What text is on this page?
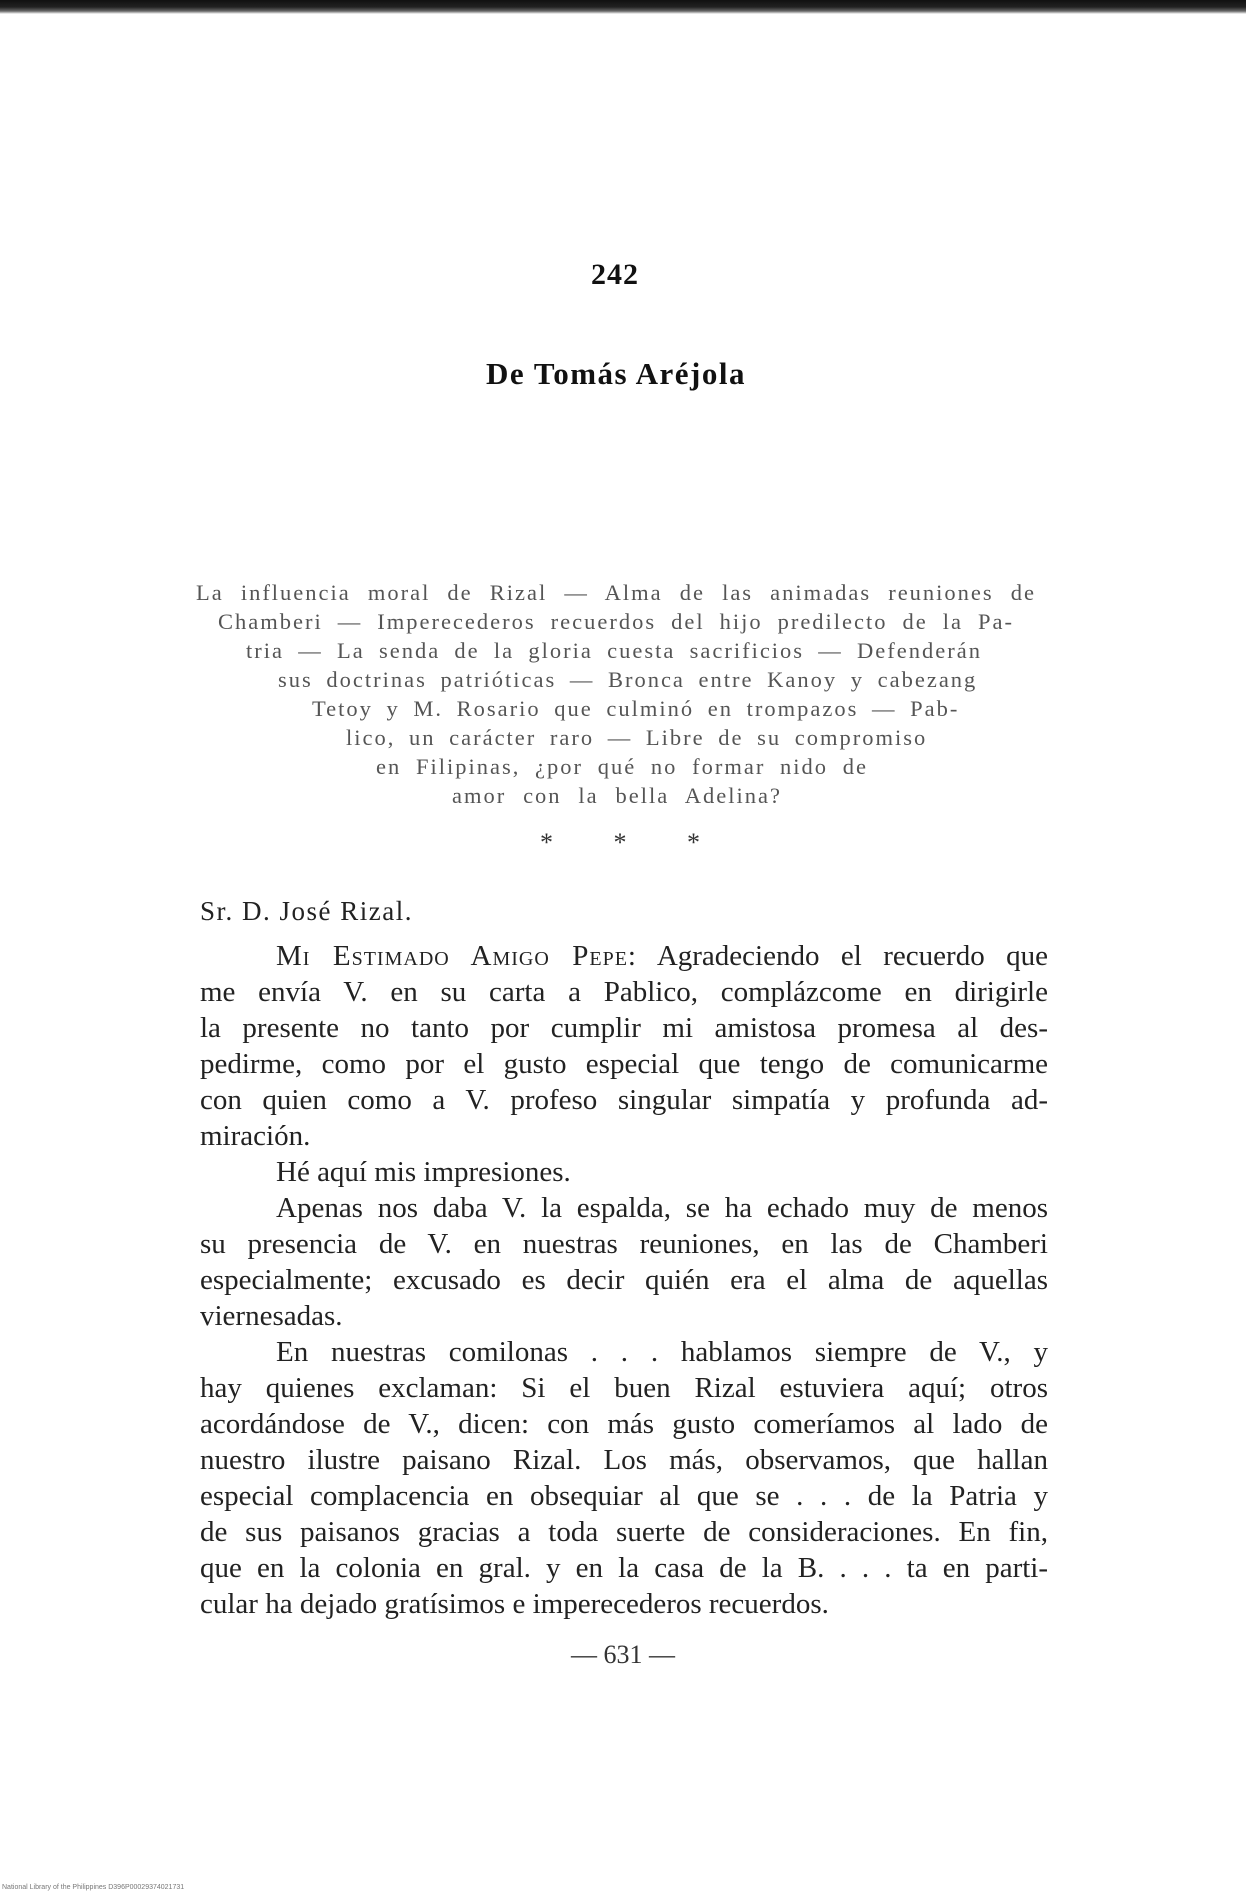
242
De Tomás Aréjola
La influencia moral de Rizal — Alma de las animadas reuniones de
Chamberi — Imperecederos recuerdos del hijo predilecto de la Pa-
tria — La senda de la gloria cuesta sacrificios — Defenderán
sus doctrinas patrióticas — Bronca entre Kanoy y cabezang
Tetoy y M. Rosario que culminó en trompazos — Pab-
lico, un carácter raro — Libre de su compromiso
en Filipinas, ¿por qué no formar nido de
amor con la bella Adelina?
* * *
Sr. D. José Rizal.

Mi Estimado Amigo Pepe: Agradeciendo el recuerdo que
me envía V. en su carta a Pablico, complázcome en dirigirle
la presente no tanto por cumplir mi amistosa promesa al des-
pedirme, como por el gusto especial que tengo de comunicarme
con quien como a V. profeso singular simpatía y profunda ad-
miración.

Hé aquí mis impresiones.

Apenas nos daba V. la espalda, se ha echado muy de menos
su presencia de V. en nuestras reuniones, en las de Chamberi
especialmente; excusado es decir quién era el alma de aquellas
viernesadas.

En nuestras comilonas . . . hablamos siempre de V., y
hay quienes exclaman: Si el buen Rizal estuviera aquí; otros
acordándose de V., dicen: con más gusto comeríamos al lado de
nuestro ilustre paisano Rizal. Los más, observamos, que hallan
especial complacencia en obsequiar al que se . . . de la Patria y
de sus paisanos gracias a toda suerte de consideraciones. En fin,
que en la colonia en gral. y en la casa de la B. . . . ta en parti-
cular ha dejado gratísimos e imperecederos recuerdos.

— 631 —
National Library of the Philippines D396P00029374021731
